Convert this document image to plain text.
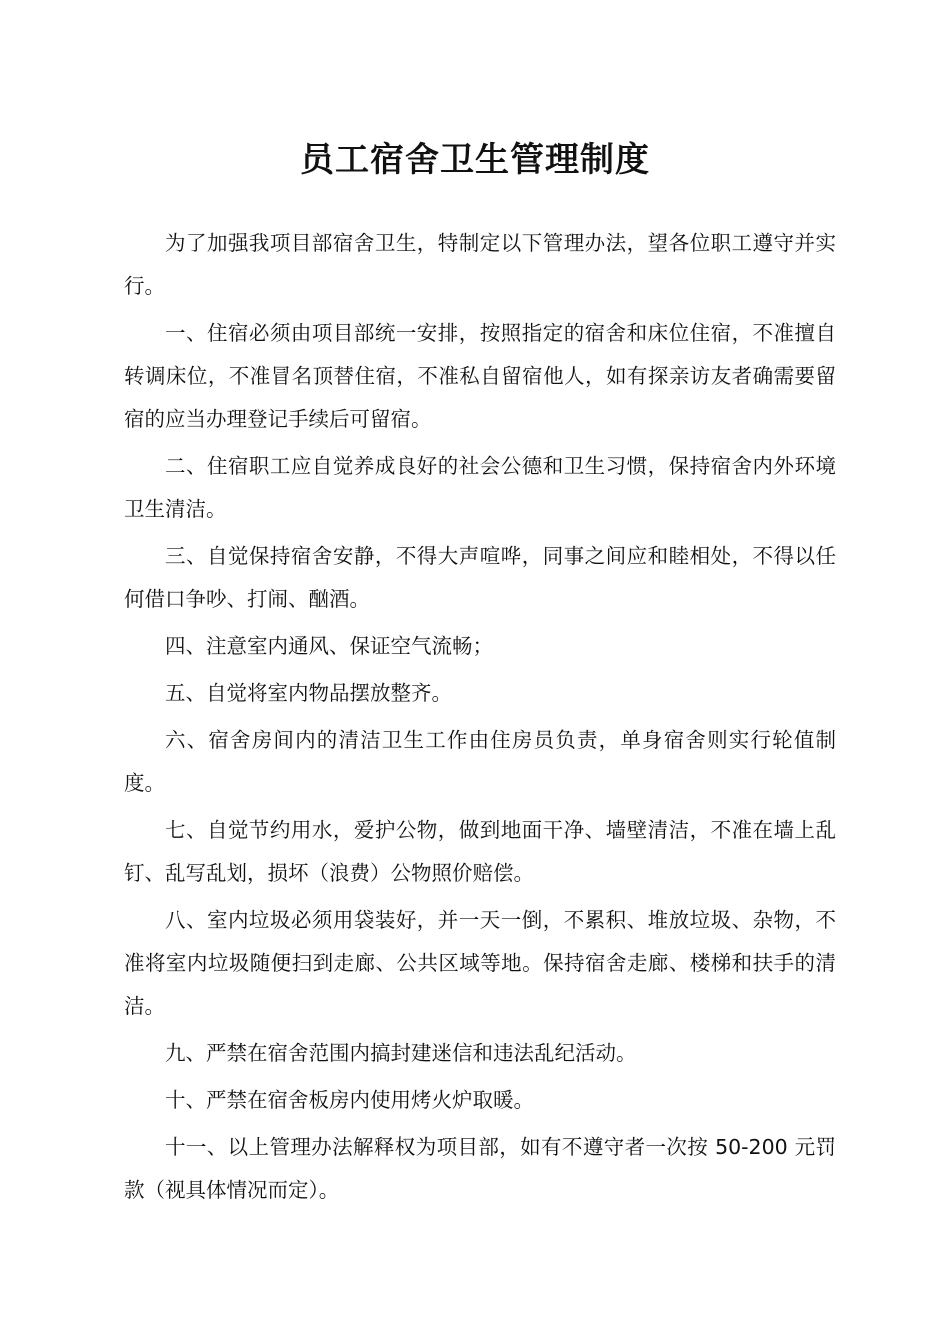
员工宿舍卫生管理制度

为了加强我项目部宿舍卫生，特制定以下管理办法，望各位职工遵守并实行。

一、住宿必须由项目部统一安排，按照指定的宿舍和床位住宿，不准擅自转调床位，不准冒名顶替住宿，不准私自留宿他人，如有探亲访友者确需要留宿的应当办理登记手续后可留宿。

二、住宿职工应自觉养成良好的社会公德和卫生习惯，保持宿舍内外环境卫生清洁。

三、自觉保持宿舍安静，不得大声喧哗，同事之间应和睦相处，不得以任何借口争吵、打闹、酗酒。

四、注意室内通风、保证空气流畅；

五、自觉将室内物品摆放整齐。

六、宿舍房间内的清洁卫生工作由住房员负责，单身宿舍则实行轮值制度。

七、自觉节约用水，爱护公物，做到地面干净、墙壁清洁，不准在墙上乱钉、乱写乱划，损坏（浪费）公物照价赔偿。

八、室内垃圾必须用袋装好，并一天一倒，不累积、堆放垃圾、杂物，不准将室内垃圾随便扫到走廊、公共区域等地。保持宿舍走廊、楼梯和扶手的清洁。

九、严禁在宿舍范围内搞封建迷信和违法乱纪活动。

十、严禁在宿舍板房内使用烤火炉取暖。

十一、以上管理办法解释权为项目部，如有不遵守者一次按 50-200 元罚款（视具体情况而定）。
